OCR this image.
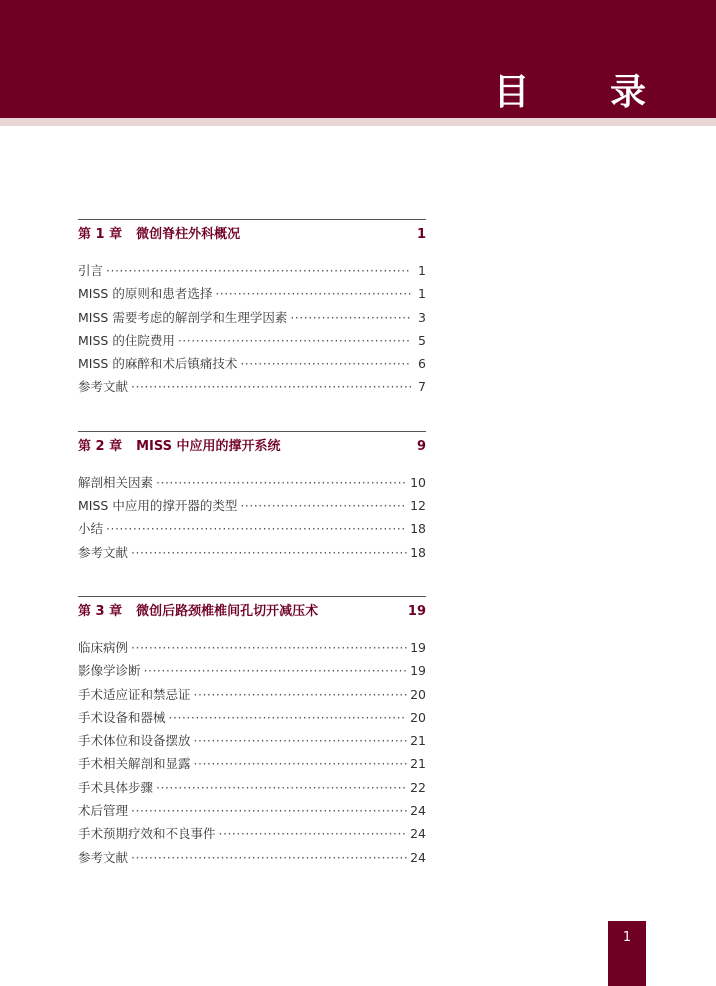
目 录
第 1 章 微创脊柱外科概况	1
引言 ·····	1
MISS 的原则和患者选择 ·····	1
MISS 需要考虑的解剖学和生理学因素 ·····	3
MISS 的住院费用 ·····	5
MISS 的麻醉和术后镇痛技术 ·····	6
参考文献 ·····	7
第 2 章 MISS 中应用的撑开系统	9
解剖相关因素 ·····	10
MISS 中应用的撑开器的类型 ·····	12
小结 ·····	18
参考文献 ·····	18
第 3 章 微创后路颈椎椎间孔切开减压术	19
临床病例 ·····	19
影像学诊断 ·····	19
手术适应证和禁忌证 ·····	20
手术设备和器械 ·····	20
手术体位和设备摆放 ·····	21
手术相关解剖和显露 ·····	21
手术具体步骤 ·····	22
术后管理 ·····	24
手术预期疗效和不良事件 ·····	24
参考文献 ·····	24
1
